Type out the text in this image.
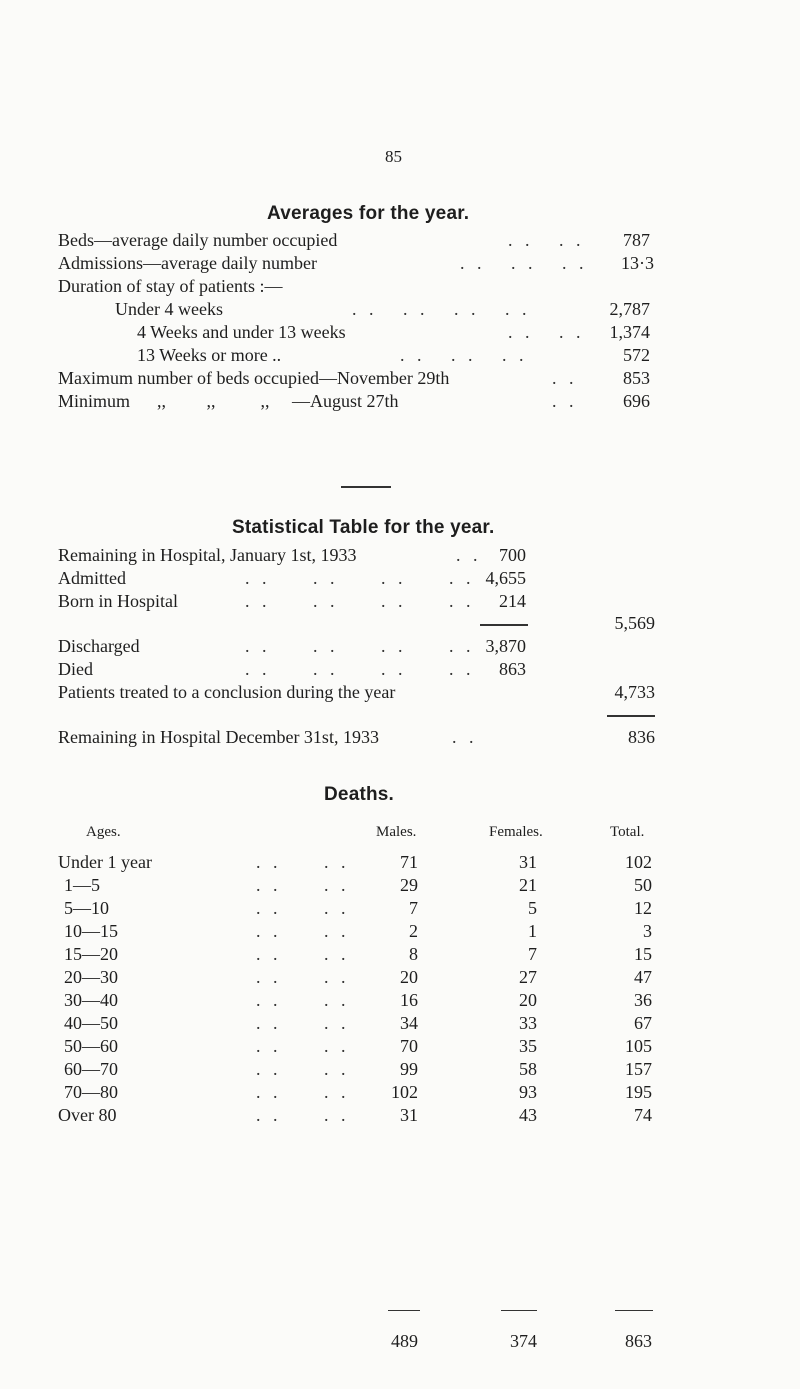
85
Averages for the year.
Beds—average daily number occupied	. .   . . 787
Admissions—average daily number	. .   . .   . . 13·3
Duration of stay of patients :—
Under 4 weeks	. .   . .   . .   . .	2,787
4 Weeks and under 13 weeks	. .   . . 1,374
13 Weeks or more ..	. .   . .   . .	572
Maximum number of beds occupied—November 29th	. .	853
Minimum      ,,         ,,          ,,     —August 27th	. .	696
Statistical Table for the year.
Remaining in Hospital, January 1st, 1933	. . 700
Admitted	. .     . .     . .     . . 4,655
Born in Hospital	. .     . .     . .     . . 214
5,569
Discharged	. .     . .     . .     . . 3,870
Died	. .     . .     . .     . . 863
Patients treated to a conclusion during the year	4,733
Remaining in Hospital December 31st, 1933	. .	836
Deaths.
Ages.	Males.	Females.	Total.
Under 1 year	. .     . .	71	31	102
1—5	. .     . .	29	21	50
5—10	. .     . .	7	5	12
10—15	. .     . .	2	1	3
15—20	. .     . .	8	7	15
20—30	. .     . .	20	27	47
30—40	. .     . .	16	20	36
40—50	. .     . .	34	33	67
50—60	. .     . .	70	35	105
60—70	. .     . .	99	58	157
70—80	. .     . . 102	93	195
Over 80	. .     . .	31	43	74
489	374	863
